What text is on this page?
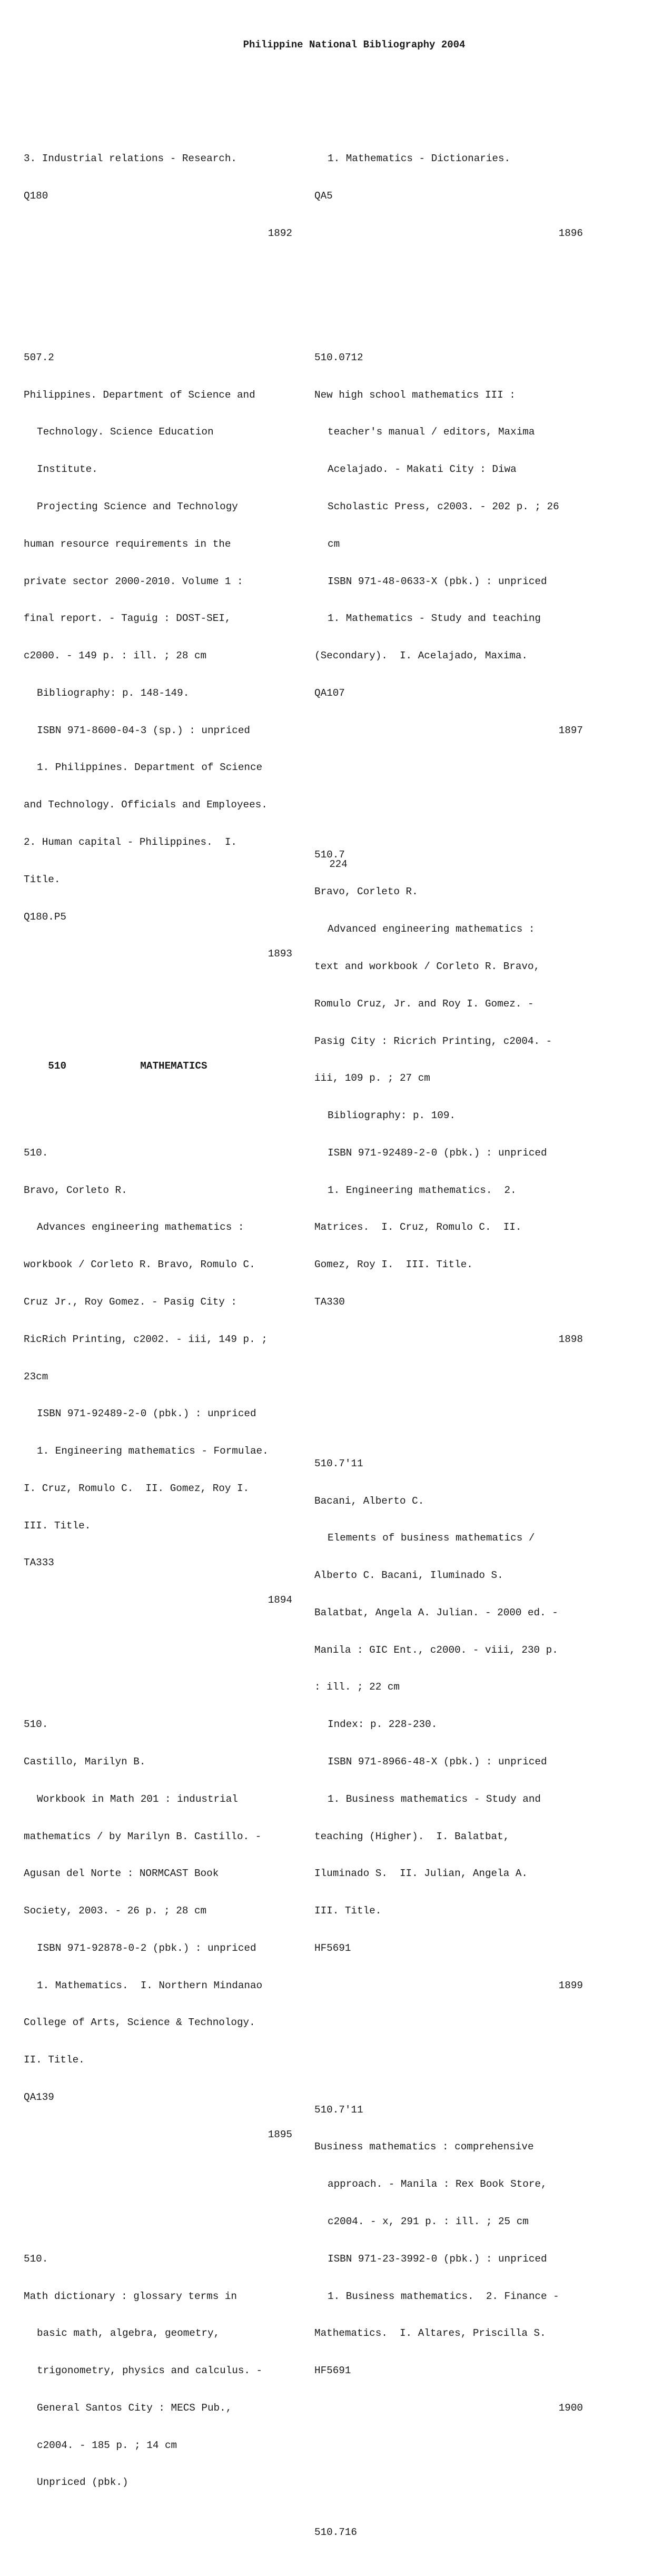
Philippine National Bibliography 2004

3. Industrial relations - Research.

Q180

1892

507.2

Philippines. Department of Science and

Technology. Science Education

Institute.

Projecting Science and Technology

human resource requirements in the

private sector 2000-2010. Volume 1 :

final report. - Taguig : DOST-SEI,

c2000. - 149 p. : ill. ; 28 cm

Bibliography: p. 148-149.

ISBN 971-8600-04-3 (sp.) : unpriced

1. Philippines. Department of Science

and Technology. Officials and Employees.

2. Human capital - Philippines.  I.

Title.

Q180.P5

1893

510	MATHEMATICS

510.

Bravo, Corleto R.

Advances engineering mathematics :

workbook / Corleto R. Bravo, Romulo C.

Cruz Jr., Roy Gomez. - Pasig City :

RicRich Printing, c2002. - iii, 149 p. ;

23cm

ISBN 971-92489-2-0 (pbk.) : unpriced

1. Engineering mathematics - Formulae.

I. Cruz, Romulo C.  II. Gomez, Roy I.

III. Title.

TA333

1894

510.

Castillo, Marilyn B.

Workbook in Math 201 : industrial

mathematics / by Marilyn B. Castillo. -

Agusan del Norte : NORMCAST Book

Society, 2003. - 26 p. ; 28 cm

ISBN 971-92878-0-2 (pbk.) : unpriced

1. Mathematics.  I. Northern Mindanao

College of Arts, Science & Technology.

II. Title.

QA139

1895

510.

Math dictionary : glossary terms in

basic math, algebra, geometry,

trigonometry, physics and calculus. -

General Santos City : MECS Pub.,

c2004. - 185 p. ; 14 cm

Unpriced (pbk.)

1. Mathematics - Dictionaries.

QA5

1896

510.0712

New high school mathematics III :

teacher's manual / editors, Maxima

Acelajado. - Makati City : Diwa

Scholastic Press, c2003. - 202 p. ; 26

cm

ISBN 971-48-0633-X (pbk.) : unpriced

1. Mathematics - Study and teaching

(Secondary).  I. Acelajado, Maxima.

QA107

1897

510.7

Bravo, Corleto R.

Advanced engineering mathematics :

text and workbook / Corleto R. Bravo,

Romulo Cruz, Jr. and Roy I. Gomez. -

Pasig City : Ricrich Printing, c2004. -

iii, 109 p. ; 27 cm

Bibliography: p. 109.

ISBN 971-92489-2-0 (pbk.) : unpriced

1. Engineering mathematics.  2.

Matrices.  I. Cruz, Romulo C.  II.

Gomez, Roy I.  III. Title.

TA330

1898

510.7'11

Bacani, Alberto C.

Elements of business mathematics /

Alberto C. Bacani, Iluminado S.

Balatbat, Angela A. Julian. - 2000 ed. -

Manila : GIC Ent., c2000. - viii, 230 p.

: ill. ; 22 cm

Index: p. 228-230.

ISBN 971-8966-48-X (pbk.) : unpriced

1. Business mathematics - Study and

teaching (Higher).  I. Balatbat,

Iluminado S.  II. Julian, Angela A.

III. Title.

HF5691

1899

510.7'11

Business mathematics : comprehensive

approach. - Manila : Rex Book Store,

c2004. - x, 291 p. : ill. ; 25 cm

ISBN 971-23-3992-0 (pbk.) : unpriced

1. Business mathematics.  2. Finance -

Mathematics.  I. Altares, Priscilla S.

HF5691

1900

510.716

224
